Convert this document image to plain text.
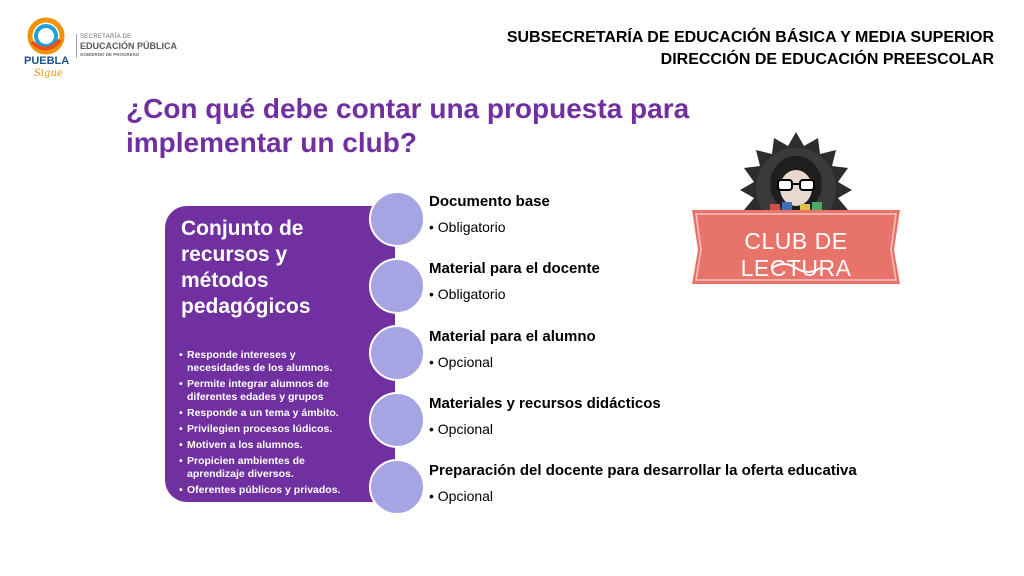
PUEBLA
Sigue
SECRETARÍA DE
EDUCACIÓN PÚBLICA
GOBIERNO DE PROGRESO
SUBSECRETARÍA DE EDUCACIÓN BÁSICA Y MEDIA SUPERIOR
DIRECCIÓN DE EDUCACIÓN PREESCOLAR
¿Con qué debe contar una propuesta para
implementar un club?
Conjunto de recursos y métodos pedagógicos
• Responde intereses y necesidades de los alumnos.
• Permite integrar alumnos de diferentes edades y grupos
• Responde a un tema y ámbito.
• Privilegien procesos lúdicos.
• Motiven a los alumnos.
• Propicien ambientes de aprendizaje diversos.
• Oferentes públicos y privados.
Documento base
• Obligatorio
Material para el docente
• Obligatorio
Material para el alumno
• Opcional
Materiales y recursos didácticos
• Opcional
Preparación del docente para desarrollar la oferta educativa
• Opcional
CLUB DE LECTURA
